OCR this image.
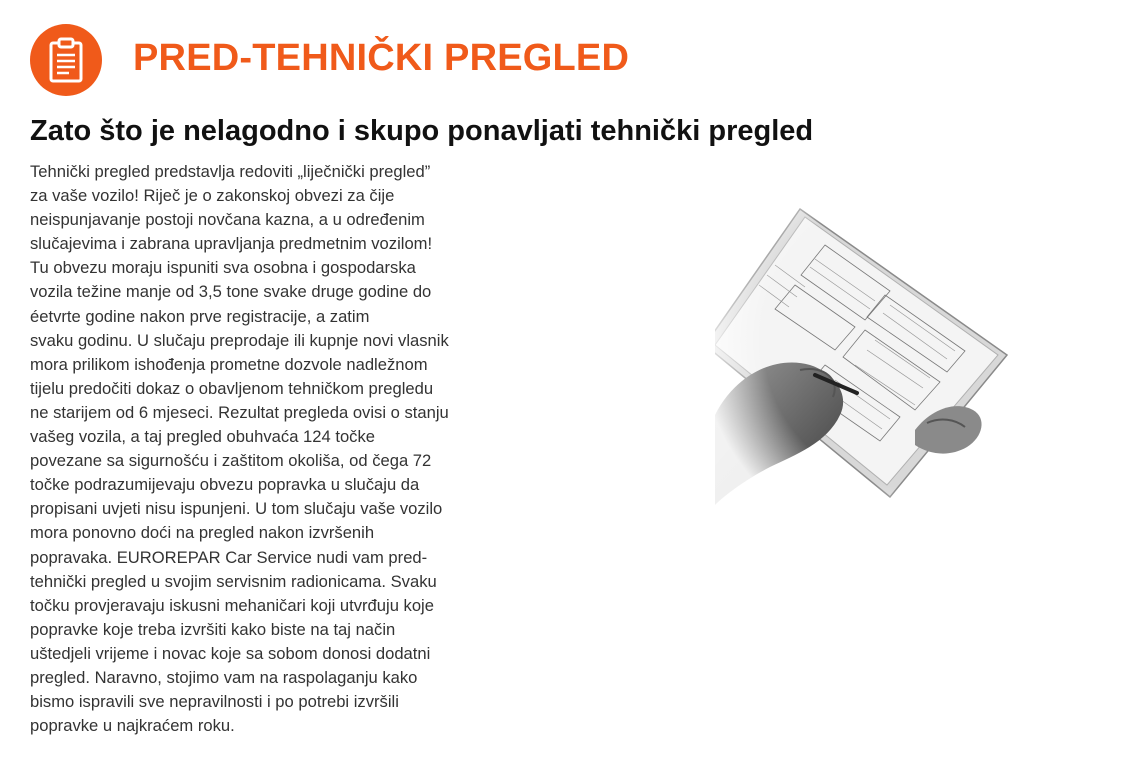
PRED-TEHNIČKI PREGLED
Zato što je nelagodno i skupo ponavljati tehnički pregled
Tehnički pregled predstavlja redoviti „liječnički pregled”
za vaše vozilo! Riječ je o zakonskoj obvezi za čije
neispunjavanje postoji novčana kazna, a u određenim
slučajevima i zabrana upravljanja predmetnim vozilom!
Tu obvezu moraju ispuniti sva osobna i gospodarska
vozila težine manje od 3,5 tone svake druge godine do
éetvrte godine nakon prve registracije, a zatim
svaku godinu. U slučaju preprodaje ili kupnje novi vlasnik
mora prilikom ishođenja prometne dozvole nadležnom
tijelu predočiti dokaz o obavljenom tehničkom pregledu
ne starijem od 6 mjeseci. Rezultat pregleda ovisi o stanju
vašeg vozila, a taj pregled obuhvaća 124 točke
povezane sa sigurnošću i zaštitom okoliša, od čega 72
točke podrazumijevaju obvezu popravka u slučaju da
propisani uvjeti nisu ispunjeni. U tom slučaju vaše vozilo
mora ponovno doći na pregled nakon izvršenih
popravaka. EUROREPAR Car Service nudi vam pred-
tehnički pregled u svojim servisnim radionicama. Svaku
točku provjeravaju iskusni mehaničari koji utvrđuju koje
popravke koje treba izvršiti kako biste na taj način
uštedjeli vrijeme i novac koje sa sobom donosi dodatni
pregled. Naravno, stojimo vam na raspolaganju kako
bismo ispravili sve nepravilnosti i po potrebi izvršili
popravke u najkraćem roku.
